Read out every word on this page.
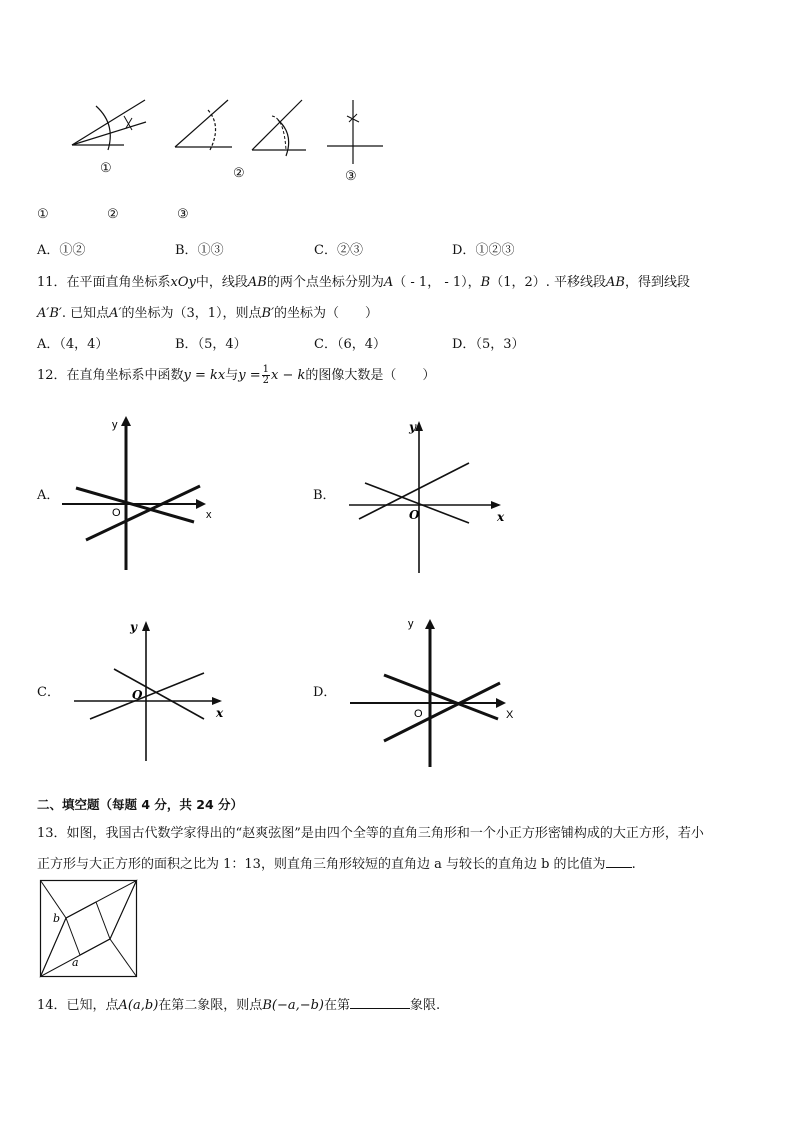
①	②	③
①	②	③
A．①②	B．①③	C．②③	D．①②③
11．在平面直角坐标系xOy中，线段AB的两个点坐标分别为A（ - 1， - 1），B（1，2）. 平移线段AB，得到线段
A′B′. 已知点A′的坐标为（3，1），则点B′的坐标为（　　）
A．（4，4）	B．（5，4）	C．（6，4）	D．（5，3）
12．在直角坐标系中函数y = kx与$y = \frac{1}{2}$ x − k的图像大数是（　　）
A．
y
x
O
B．
y
x
O
C．
y
x
O	D．
y
X
O
二、填空题（每题 4 分，共 24 分）
13．如图，我国古代数学家得出的“赵爽弦图”是由四个全等的直角三角形和一个小正方形密铺构成的大正方形，若小
正方形与大正方形的面积之比为 1：13，则直角三角形较短的直角边 a 与较长的直角边 b 的比值为 .
b
a
14．已知，点A(a,b)在第二象限，则点B(−a,−b)在第	象限.
